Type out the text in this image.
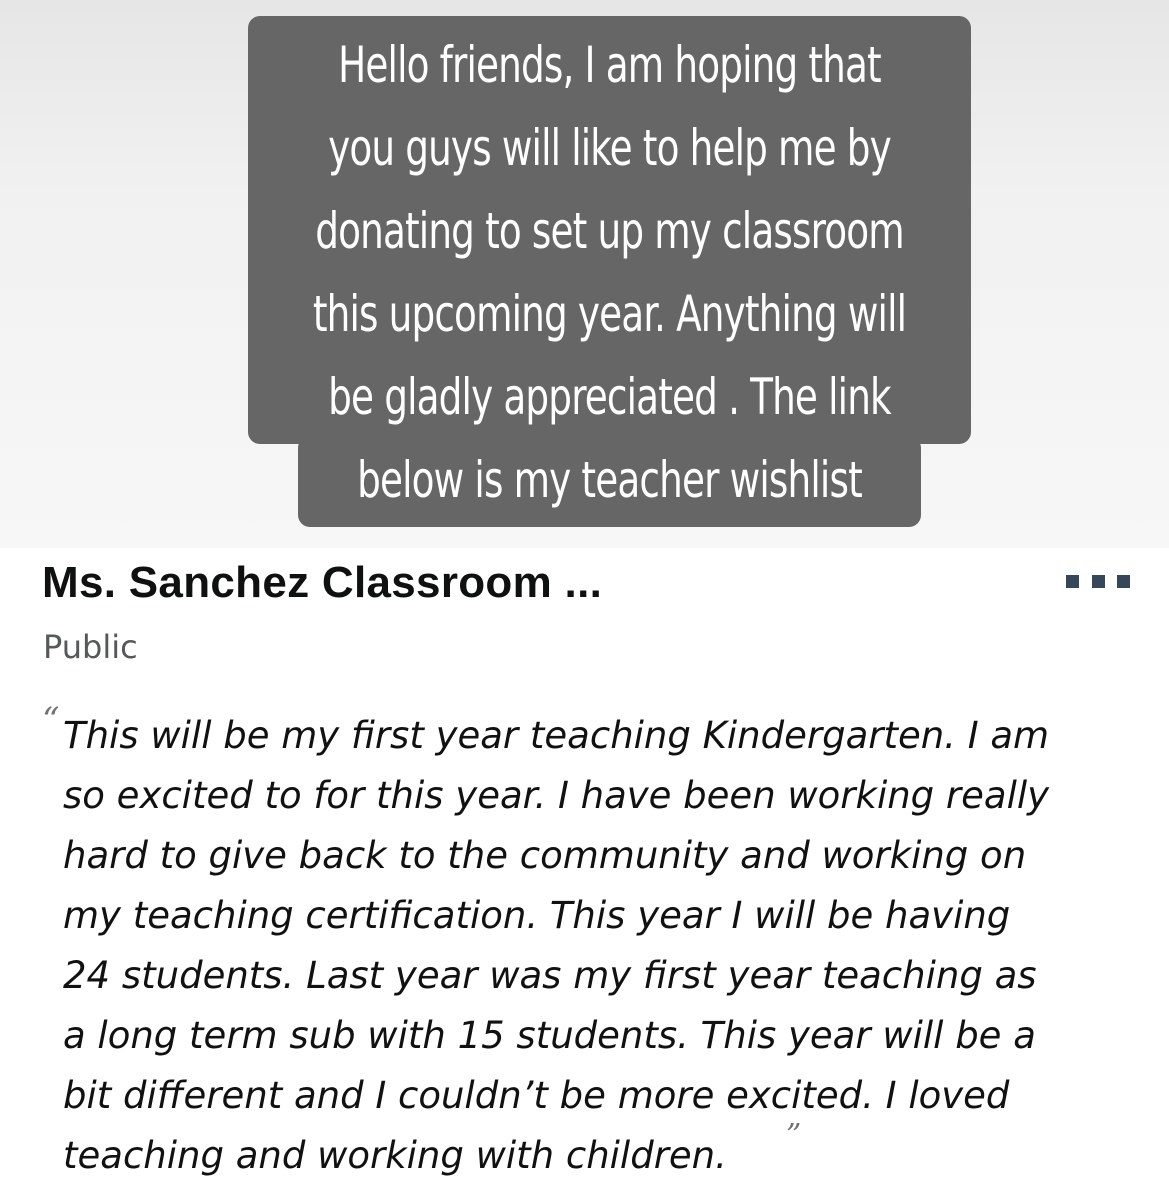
Hello friends, I am hoping that
you guys will like to help me by
donating to set up my classroom
this upcoming year. Anything will
be gladly appreciated . The link
below is my teacher wishlist

Ms. Sanchez Classroom ...
Public
“ This will be my first year teaching Kindergarten. I am
so excited to for this year. I have been working really
hard to give back to the community and working on
my teaching certification. This year I will be having
24 students. Last year was my first year teaching as
a long term sub with 15 students. This year will be a
bit different and I couldn’t be more excited. I loved
teaching and working with children.	”
